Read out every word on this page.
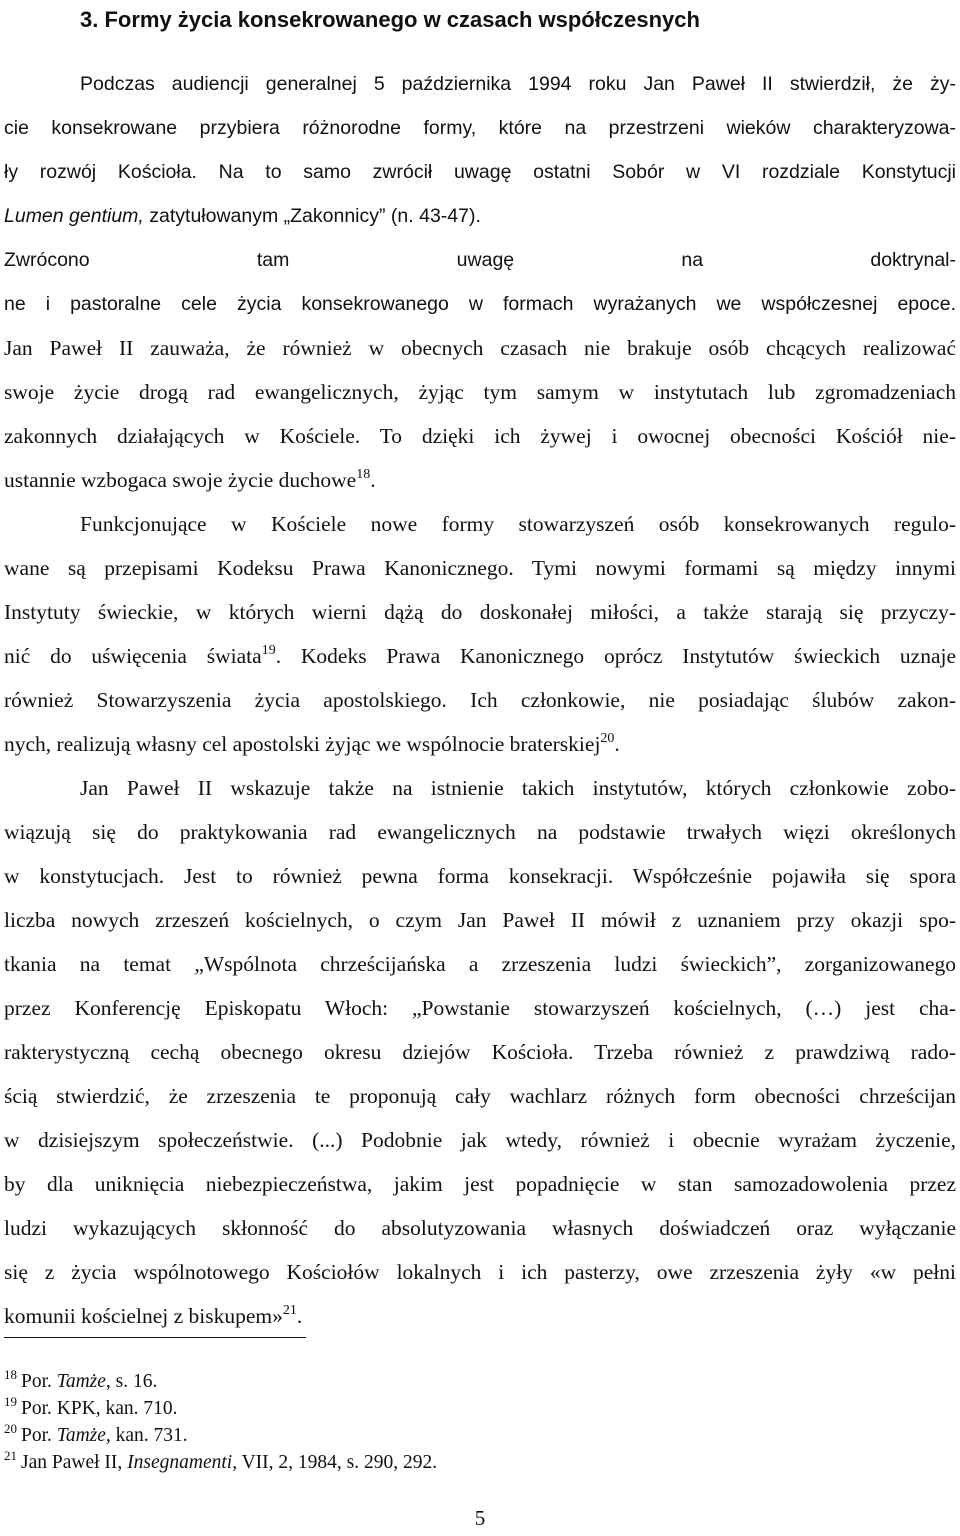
3. Formy życia konsekrowanego w czasach współczesnych

Podczas audiencji generalnej 5 października 1994 roku Jan Paweł II stwierdził, że ży-

cie konsekrowane przybiera różnorodne formy, które na przestrzeni wieków charakteryzowa-

ły rozwój Kościoła. Na to samo zwrócił uwagę ostatni Sobór w VI rozdziale Konstytucji

Lumen gentium, zatytułowanym „Zakonnicy” (n. 43-47).

Zwrócono tam uwagę na doktrynal-

ne i pastoralne cele życia konsekrowanego w formach wyrażanych we współczesnej epoce.

Jan Paweł II zauważa, że również w obecnych czasach nie brakuje osób chcących realizować

swoje życie drogą rad ewangelicznych, żyjąc tym samym w instytutach lub zgromadzeniach

zakonnych działających w Kościele. To dzięki ich żywej i owocnej obecności Kościół nie-

ustannie wzbogaca swoje życie duchowe$^{18}$.

Funkcjonujące w Kościele nowe formy stowarzyszeń osób konsekrowanych regulo-

wane są przepisami Kodeksu Prawa Kanonicznego. Tymi nowymi formami są między innymi

Instytuty świeckie, w których wierni dążą do doskonałej miłości, a także starają się przyczy-

nić do uświęcenia świata$^{19}$. Kodeks Prawa Kanonicznego oprócz Instytutów świeckich uznaje

również Stowarzyszenia życia apostolskiego. Ich członkowie, nie posiadając ślubów zakon-

nych, realizują własny cel apostolski żyjąc we wspólnocie braterskiej$^{20}$.

Jan Paweł II wskazuje także na istnienie takich instytutów, których członkowie zobo-

wiązują się do praktykowania rad ewangelicznych na podstawie trwałych więzi określonych

w konstytucjach. Jest to również pewna forma konsekracji. Współcześnie pojawiła się spora

liczba nowych zrzeszeń kościelnych, o czym Jan Paweł II mówił z uznaniem przy okazji spo-

tkania na temat „Wspólnota chrześcijańska a zrzeszenia ludzi świeckich”, zorganizowanego

przez Konferencję Episkopatu Włoch: „Powstanie stowarzyszeń kościelnych, (…) jest cha-

rakterystyczną cechą obecnego okresu dziejów Kościoła. Trzeba również z prawdziwą rado-

ścią stwierdzić, że zrzeszenia te proponują cały wachlarz różnych form obecności chrześcijan

w dzisiejszym społeczeństwie. (...) Podobnie jak wtedy, również i obecnie wyrażam życzenie,

by dla uniknięcia niebezpieczeństwa, jakim jest popadnięcie w stan samozadowolenia przez

ludzi wykazujących skłonność do absolutyzowania własnych doświadczeń oraz wyłączanie

się z życia wspólnotowego Kościołów lokalnych i ich pasterzy, owe zrzeszenia żyły «w pełni

komunii kościelnej z biskupem»$^{21}$.

$^{18}$ Por. Tamże, s. 16.

$^{19}$ Por. KPK, kan. 710.

$^{20}$ Por. Tamże, kan. 731.

$^{21}$ Jan Paweł II, Insegnamenti, VII, 2, 1984, s. 290, 292.

5
